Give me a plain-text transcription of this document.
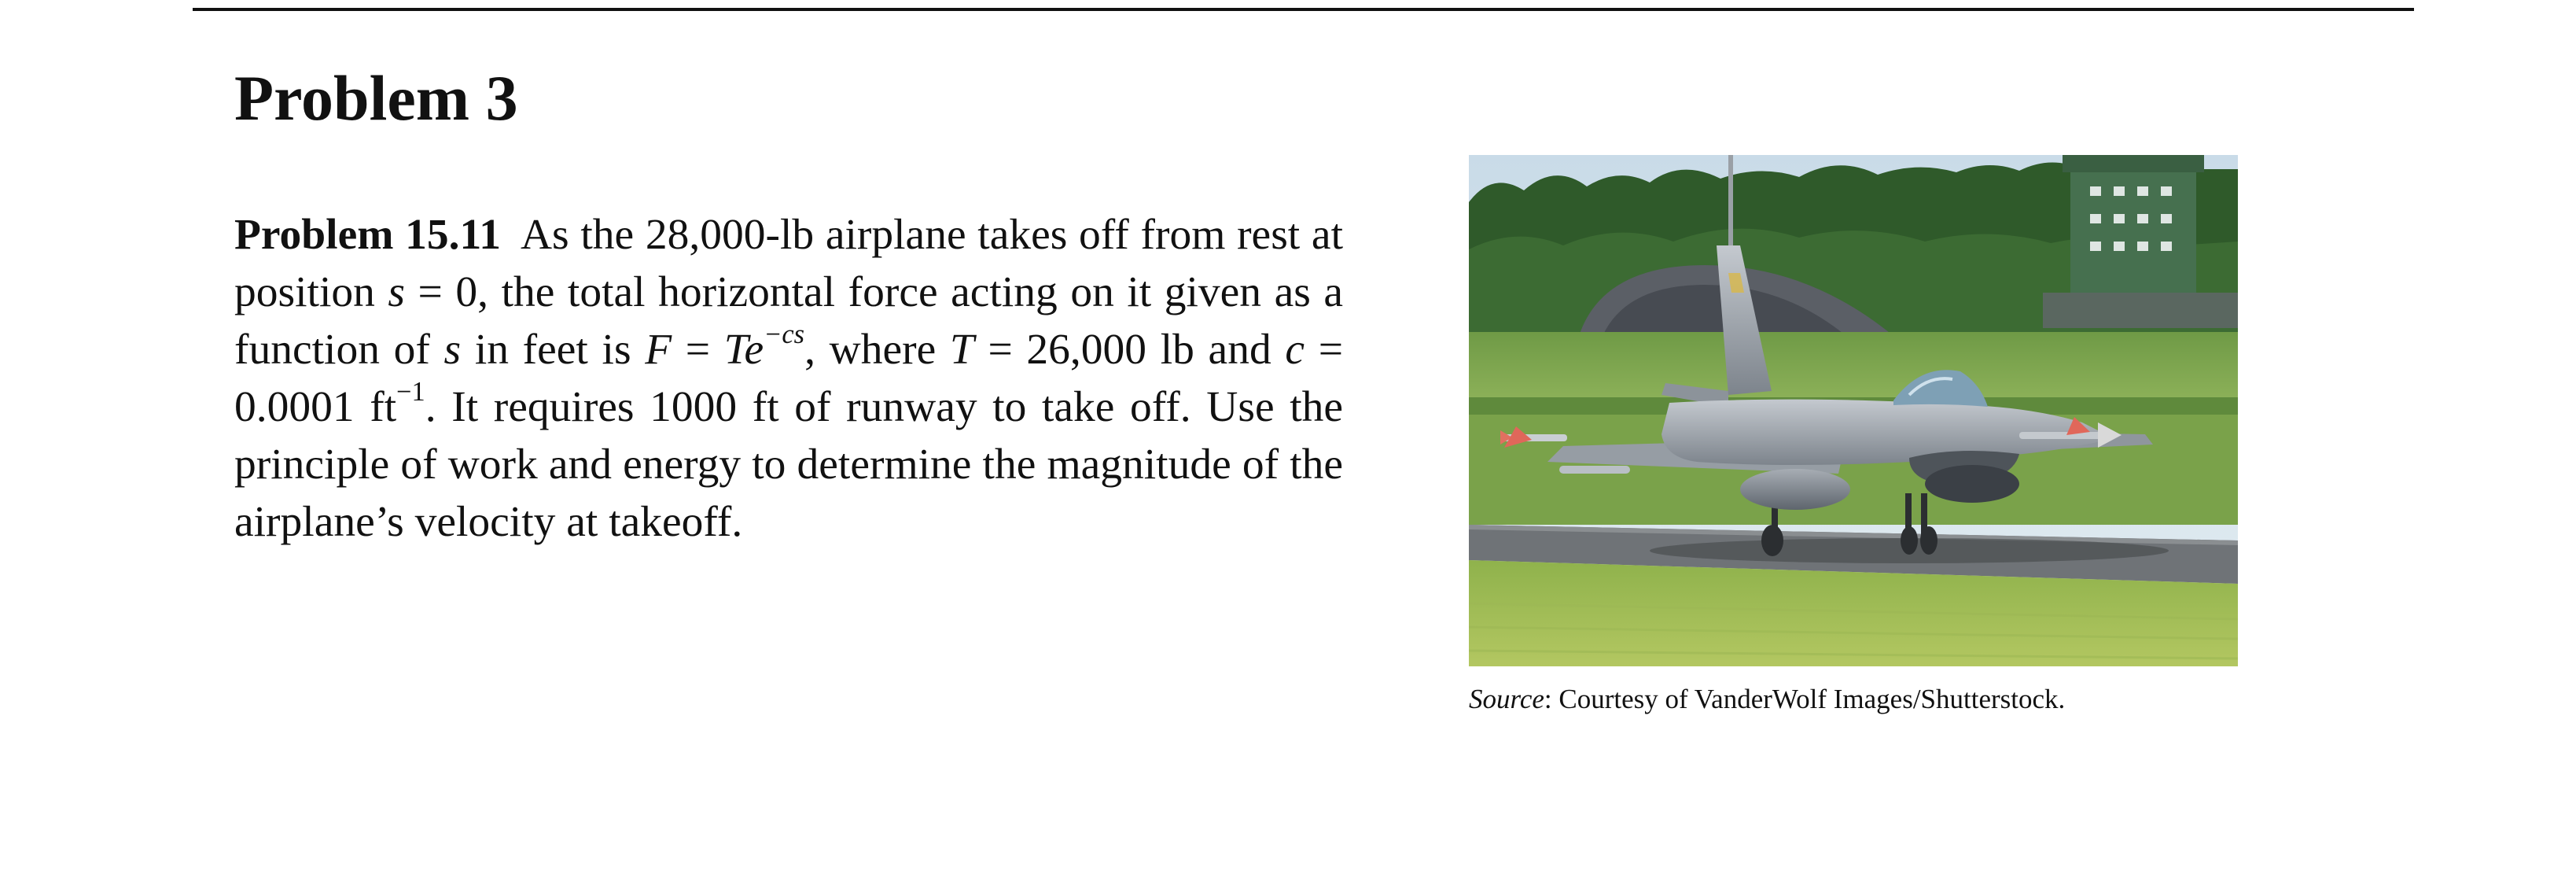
Problem 3

Problem 15.11 As the 28,000-lb airplane takes off from rest at position s = 0, the total horizontal force acting on it given as a function of s in feet is $F = Te^{-cs}$, where T = 26,000 lb and c = 0.0001 $ft^{-1}$. It requires 1000 ft of runway to take off. Use the principle of work and energy to determine the magnitude of the airplane’s velocity at takeoff.

Source: Courtesy of VanderWolf Images/Shutterstock.
